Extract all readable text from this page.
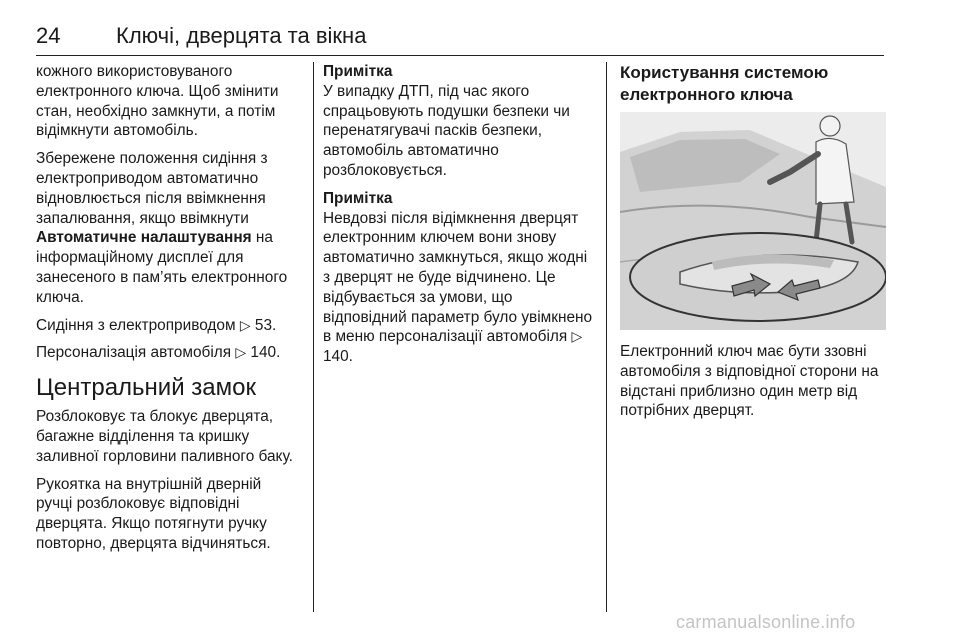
24	Ключі, дверцята та вікна

кожного використовуваного електронного ключа. Щоб змінити стан, необхідно замкнути, а потім відімкнути автомобіль.

Збережене положення сидіння з електроприводом автоматично відновлюється після ввімкнення запалювання, якщо ввімкнути Автоматичне налаштування на інформаційному дисплеї для занесеного в пам’ять електронного ключа.

Сидіння з електроприводом ▷ 53.

Персоналізація автомобіля ▷ 140.

Центральний замок

Розблоковує та блокує дверцята, багажне відділення та кришку заливної горловини паливного баку.

Рукоятка на внутрішній дверній ручці розблоковує відповідні дверцята. Якщо потягнути ручку повторно, дверцята відчиняться.

Примітка
У випадку ДТП, під час якого спрацьовують подушки безпеки чи перенатягувачі пасків безпеки, автомобіль автоматично розблоковується.

Примітка
Невдовзі після відімкнення дверцят електронним ключем вони знову автоматично замкнуться, якщо жодні з дверцят не буде відчинено. Це відбувається за умови, що відповідний параметр було увімкнено в меню персоналізації автомобіля ▷ 140.

Користування системою електронного ключа
Електронний ключ має бути ззовні автомобіля з відповідної сторони на відстані приблизно один метр від потрібних дверцят.
carmanualsonline.info
